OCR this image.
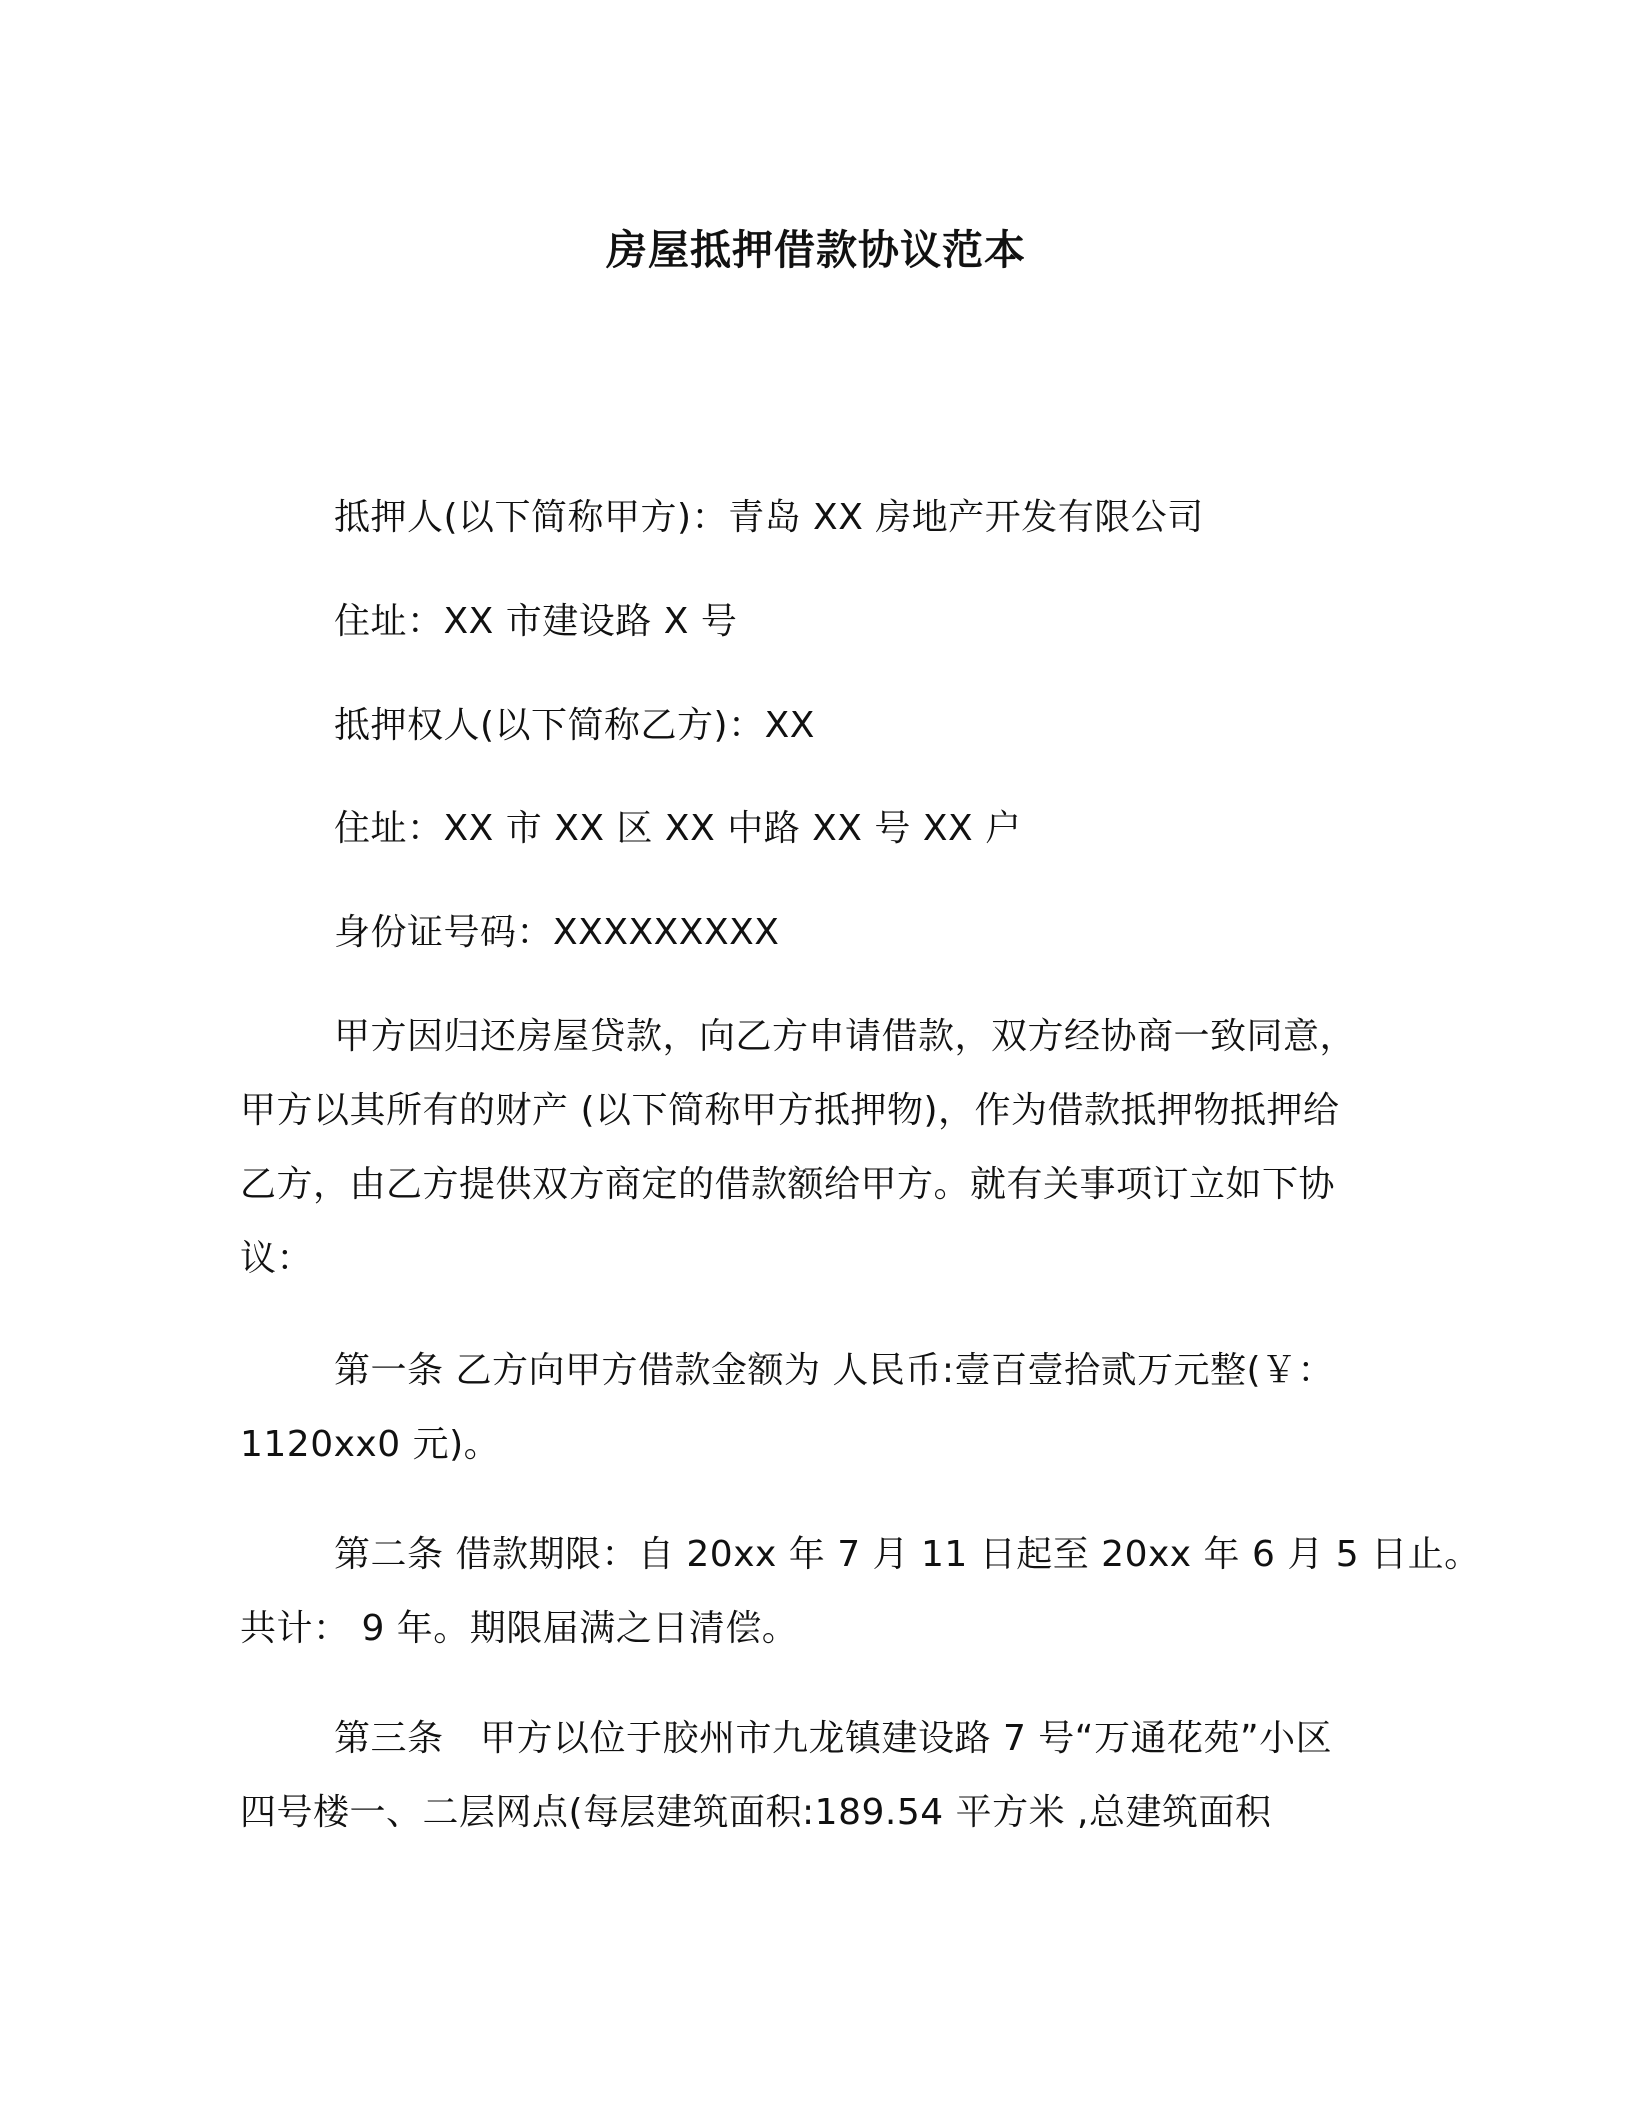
房屋抵押借款协议范本
抵押人(以下简称甲方)：青岛 XX 房地产开发有限公司
住址：XX 市建设路 X 号
抵押权人(以下简称乙方)：XX
住址：XX 市 XX 区 XX 中路 XX 号 XX 户
身份证号码：XXXXXXXXX
甲方因归还房屋贷款，向乙方申请借款，双方经协商一致同意，
甲方以其所有的财产 (以下简称甲方抵押物)，作为借款抵押物抵押给
乙方，由乙方提供双方商定的借款额给甲方。就有关事项订立如下协
议：
第一条 乙方向甲方借款金额为 人民币:壹百壹拾贰万元整(￥：
1120xx0 元)。
第二条 借款期限：自 20xx 年 7 月 11 日起至 20xx 年 6 月 5 日止。
共计： 9 年。期限届满之日清偿。
第三条　甲方以位于胶州市九龙镇建设路 7 号“万通花苑”小区
四号楼一、二层网点(每层建筑面积:189.54 平方米 ,总建筑面积
